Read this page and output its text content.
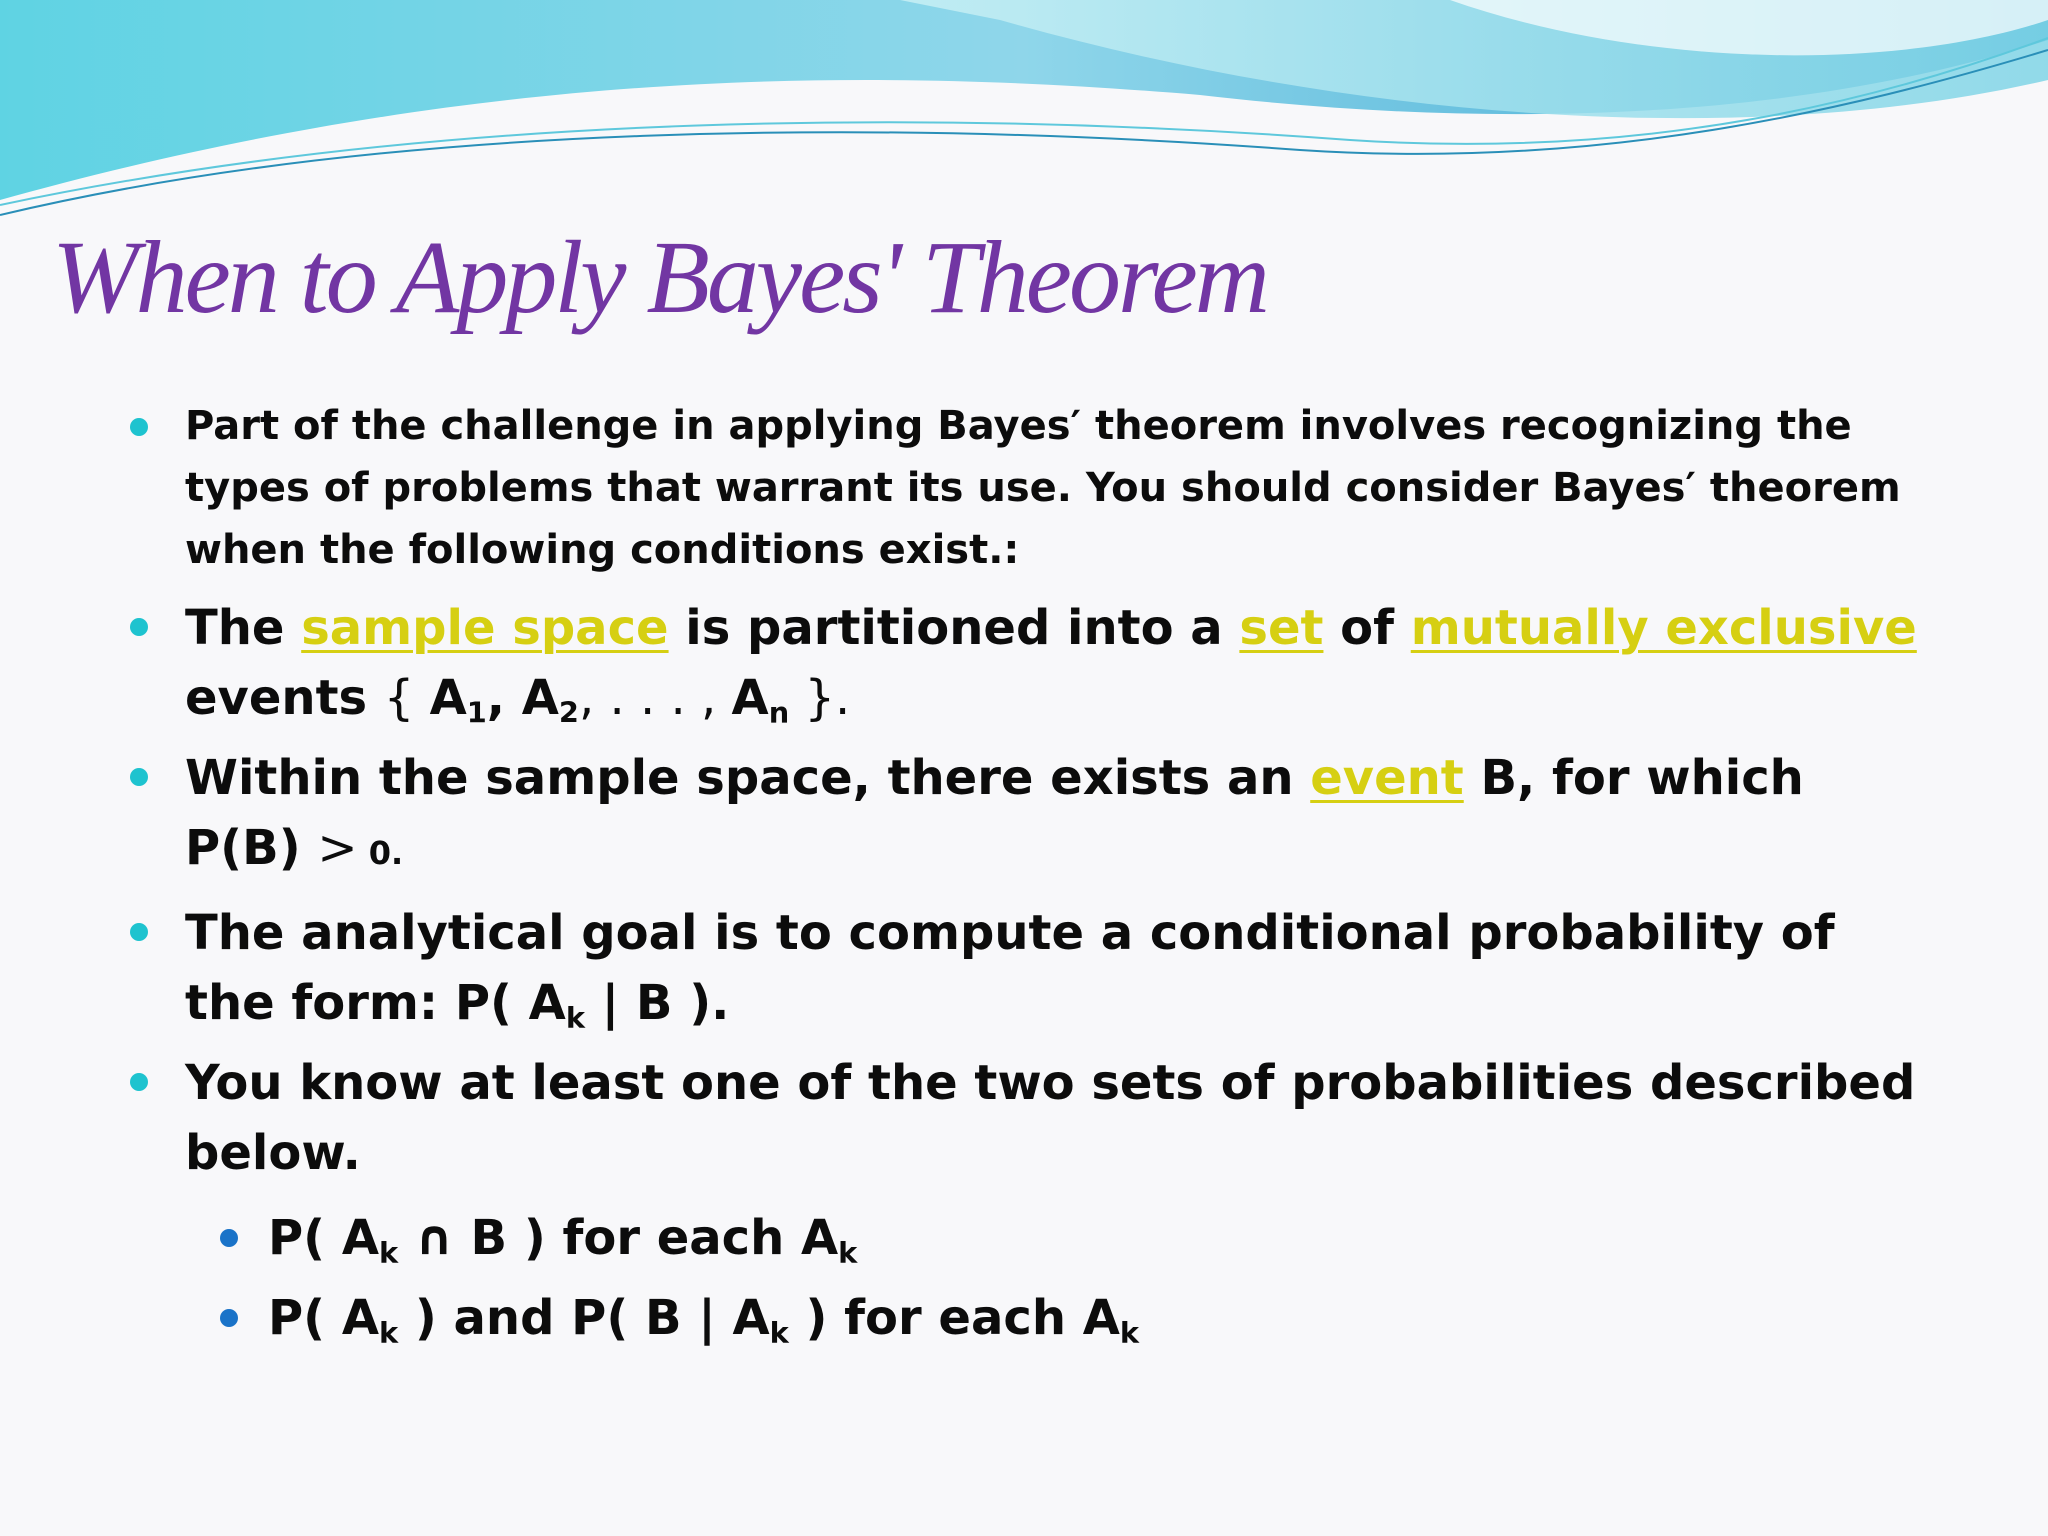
When to Apply Bayes' Theorem
Part of the challenge in applying Bayes′ theorem involves recognizing the types of problems that warrant its use. You should consider Bayes′ theorem when the following conditions exist.:
The sample space is partitioned into a set of mutually exclusive events { $A_1$, $A_2$, . . . , $A_n$ }.
Within the sample space, there exists an event B, for which P(B) > 0.
The analytical goal is to compute a conditional probability of the form: P( $A_k$ | B ).
You know at least one of the two sets of probabilities described below.
P( $A_k$ ∩ B ) for each $A_k$
P( $A_k$ ) and P( B | $A_k$ ) for each $A_k$
